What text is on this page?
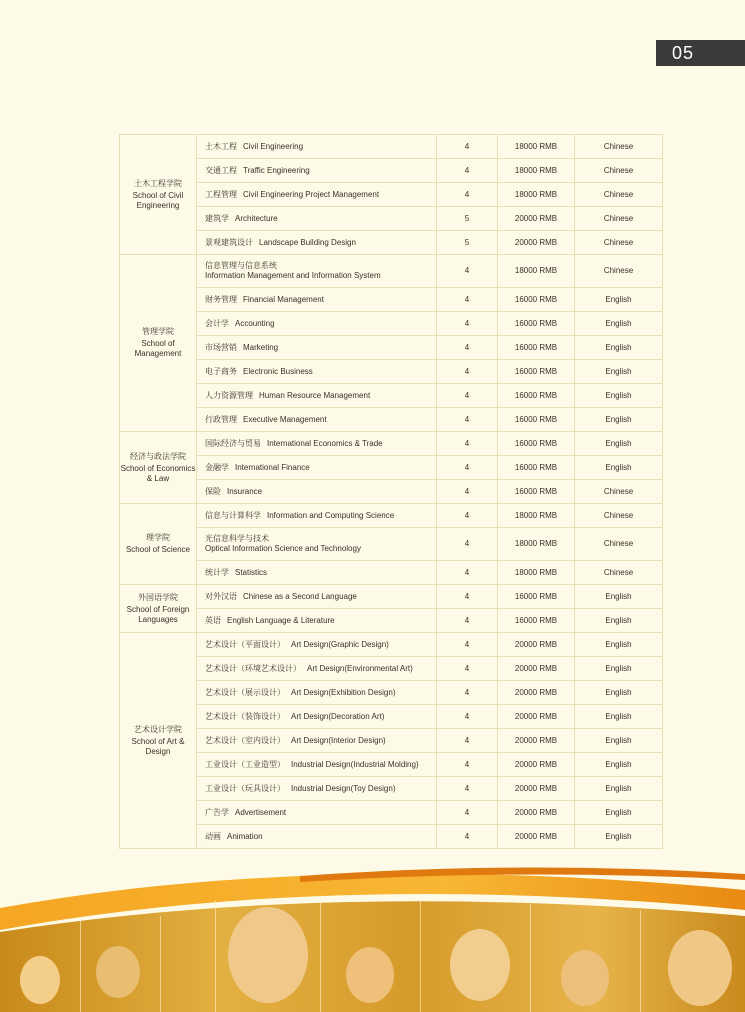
05
土木工程学院
School of Civil Engineering	土木工程 Civil Engineering	4	18000 RMB	Chinese
	交通工程 Traffic Engineering	4	18000 RMB	Chinese
	工程管理 Civil Engineering Project Management	4	18000 RMB	Chinese
	建筑学 Architecture	5	20000 RMB	Chinese
	景观建筑设计 Landscape Building Design	5	20000 RMB	Chinese

管理学院
School of Management	信息管理与信息系统
Information Management and Information System	4	18000 RMB	Chinese
	财务管理 Financial Management	4	16000 RMB	English
	会计学 Accounting	4	16000 RMB	English
	市场营销 Marketing	4	16000 RMB	English
	电子商务 Electronic Business	4	16000 RMB	English
	人力资源管理 Human Resource Management	4	16000 RMB	English
	行政管理 Executive Management	4	16000 RMB	English

经济与政法学院
School of Economics & Law	国际经济与贸易 International Economics & Trade	4	16000 RMB	English
	金融学 International Finance	4	16000 RMB	English
	保险 Insurance	4	16000 RMB	Chinese

理学院
School of Science	信息与计算科学 Information and Computing Science	4	18000 RMB	Chinese
	光信息科学与技术
Optical Information Science and Technology	4	18000 RMB	Chinese
	统计学 Statistics	4	18000 RMB	Chinese

外国语学院
School of Foreign Languages	对外汉语 Chinese as a Second Language	4	16000 RMB	English
	英语 English Language & Literature	4	16000 RMB	English

艺术设计学院
School of Art & Design	艺术设计（平面设计） Art Design(Graphic Design)	4	20000 RMB	English
	艺术设计（环境艺术设计） Art Design(Environmental Art)	4	20000 RMB	English
	艺术设计（展示设计） Art Design(Exhibition Design)	4	20000 RMB	English
	艺术设计（装饰设计） Art Design(Decoration Art)	4	20000 RMB	English
	艺术设计（室内设计） Art Design(Interior Design)	4	20000 RMB	English
	工业设计（工业造型） Industrial Design(Industrial Molding)	4	20000 RMB	English
	工业设计（玩具设计） Industrial Design(Toy Design)	4	20000 RMB	English
	广告学 Advertisement	4	20000 RMB	English
	动画 Animation	4	20000 RMB	English
